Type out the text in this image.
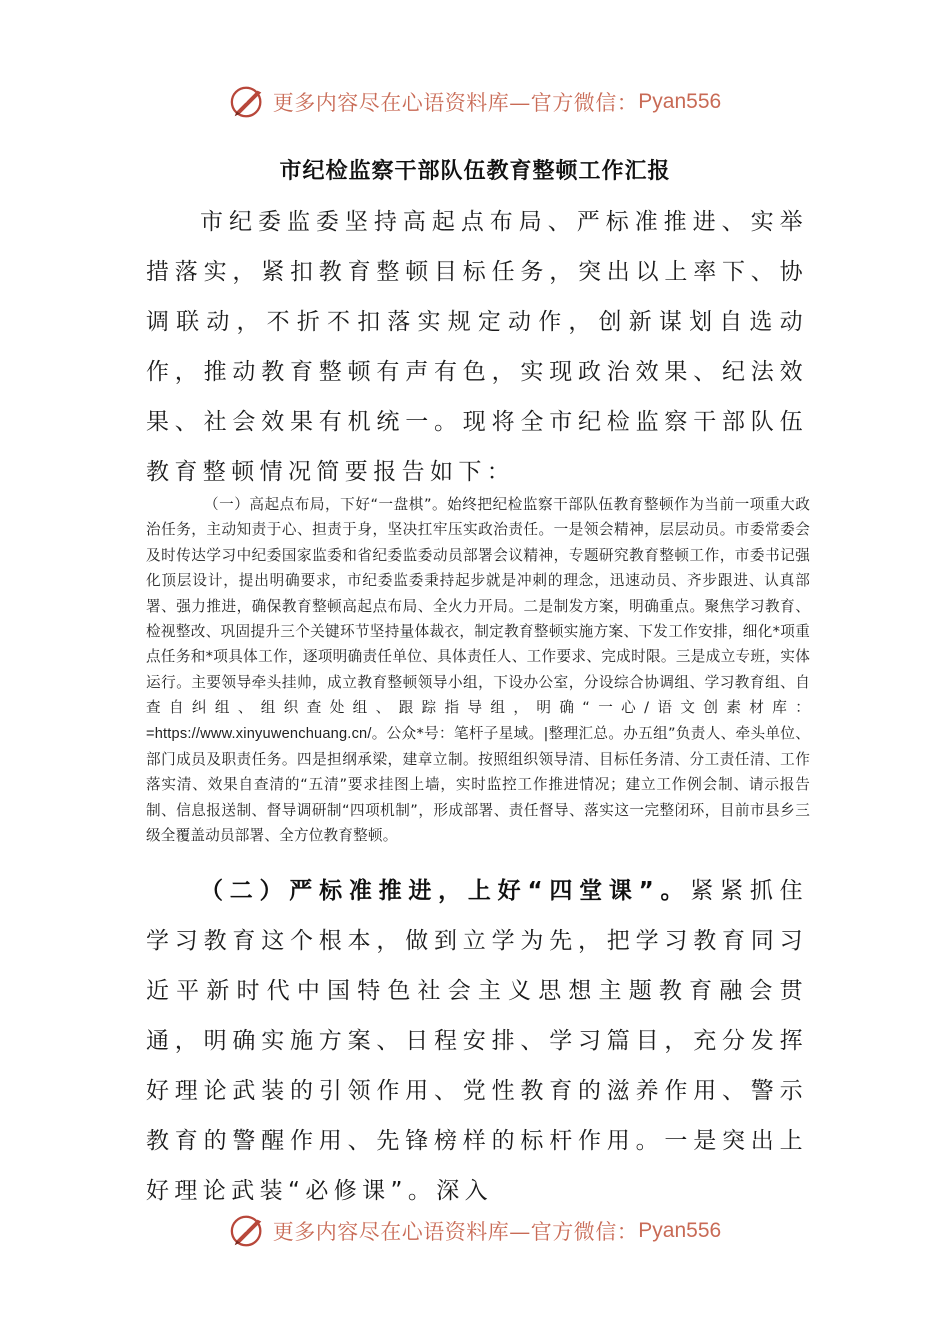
更多内容尽在心语资料库—官方微信： Pyan556
市纪检监察干部队伍教育整顿工作汇报

市纪委监委坚持高起点布局、严标准推进、实举措落实，紧扣教育整顿目标任务，突出以上率下、协调联动，不折不扣落实规定动作，创新谋划自选动作，推动教育整顿有声有色，实现政治效果、纪法效果、社会效果有机统一。现将全市纪检监察干部队伍教育整顿情况简要报告如下：

（一）高起点布局，下好“一盘棋”。始终把纪检监察干部队伍教育整顿作为当前一项重大政治任务，主动知责于心、担责于身，坚决扛牢压实政治责任。一是领会精神，层层动员。市委常委会及时传达学习中纪委国家监委和省纪委监委动员部署会议精神，专题研究教育整顿工作，市委书记强化顶层设计，提出明确要求，市纪委监委秉持起步就是冲刺的理念，迅速动员、齐步跟进、认真部署、强力推进，确保教育整顿高起点布局、全火力开局。二是制发方案，明确重点。聚焦学习教育、检视整改、巩固提升三个关键环节坚持量体裁衣，制定教育整顿实施方案、下发工作安排，细化*项重点任务和*项具体工作，逐项明确责任单位、具体责任人、工作要求、完成时限。三是成立专班，实体运行。主要领导牵头挂帅，成立教育整顿领导小组，下设办公室，分设综合协调组、学习教育组、自查自纠组、组织查处组、跟踪指导组，明确“一心/语文创素材库：=https://www.xinyuwenchuang.cn/。公众*号：笔杆子星域。|整理汇总。办五组”负责人、牵头单位、部门成员及职责任务。四是担纲承梁，建章立制。按照组织领导清、目标任务清、分工责任清、工作落实清、效果自查清的“五清”要求挂图上墙，实时监控工作推进情况；建立工作例会制、请示报告制、信息报送制、督导调研制“四项机制”，形成部署、责任督导、落实这一完整闭环，目前市县乡三级全覆盖动员部署、全方位教育整顿。

（二）严标准推进，上好“四堂课”。紧紧抓住学习教育这个根本，做到立学为先，把学习教育同习近平新时代中国特色社会主义思想主题教育融会贯通，明确实施方案、日程安排、学习篇目，充分发挥好理论武装的引领作用、党性教育的滋养作用、警示教育的警醒作用、先锋榜样的标杆作用。一是突出上好理论武装“必修课”。深入

更多内容尽在心语资料库—官方微信： Pyan556
